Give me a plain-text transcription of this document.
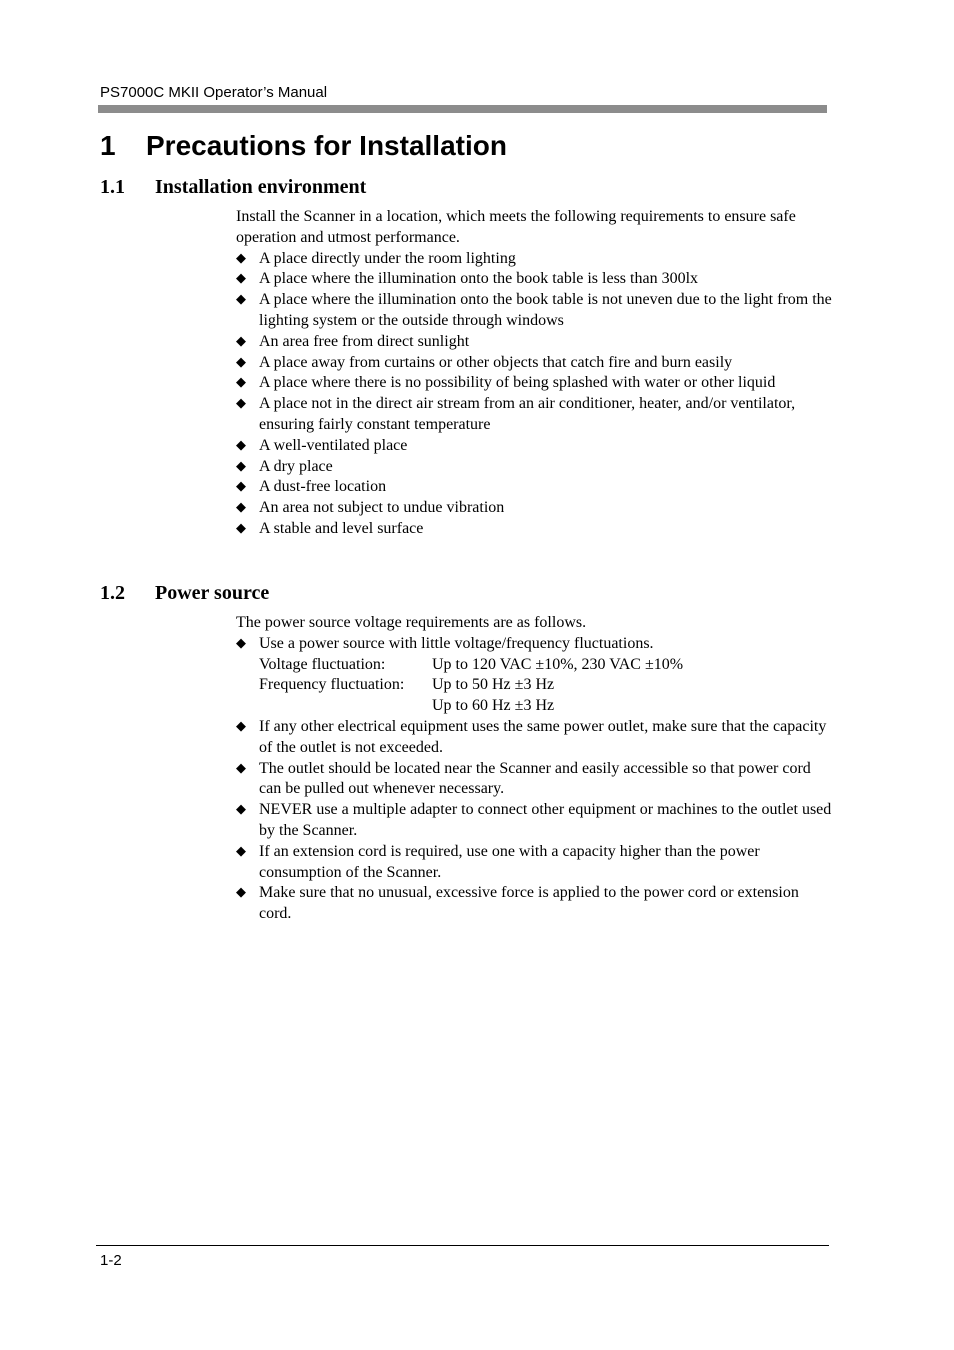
PS7000C MKII Operator’s Manual
1 Precautions for Installation
1.1 Installation environment

Install the Scanner in a location, which meets the following requirements to ensure safe operation and utmost performance.

◆ A place directly under the room lighting
◆ A place where the illumination onto the book table is less than 300lx
◆ A place where the illumination onto the book table is not uneven due to the light from the lighting system or the outside through windows
◆ An area free from direct sunlight
◆ A place away from curtains or other objects that catch fire and burn easily
◆ A place where there is no possibility of being splashed with water or other liquid
◆ A place not in the direct air stream from an air conditioner, heater, and/or ventilator, ensuring fairly constant temperature
◆ A well-ventilated place
◆ A dry place
◆ A dust-free location
◆ An area not subject to undue vibration
◆ A stable and level surface
1.2 Power source

The power source voltage requirements are as follows.

◆ Use a power source with little voltage/frequency fluctuations.
Voltage fluctuation:	Up to 120 VAC ±10%, 230 VAC ±10%
Frequency fluctuation:	Up to 50 Hz ±3 Hz
Up to 60 Hz ±3 Hz
◆ If any other electrical equipment uses the same power outlet, make sure that the capacity of the outlet is not exceeded.
◆ The outlet should be located near the Scanner and easily accessible so that power cord can be pulled out whenever necessary.
◆ NEVER use a multiple adapter to connect other equipment or machines to the outlet used by the Scanner.
◆ If an extension cord is required, use one with a capacity higher than the power consumption of the Scanner.
◆ Make sure that no unusual, excessive force is applied to the power cord or extension cord.
1-2
